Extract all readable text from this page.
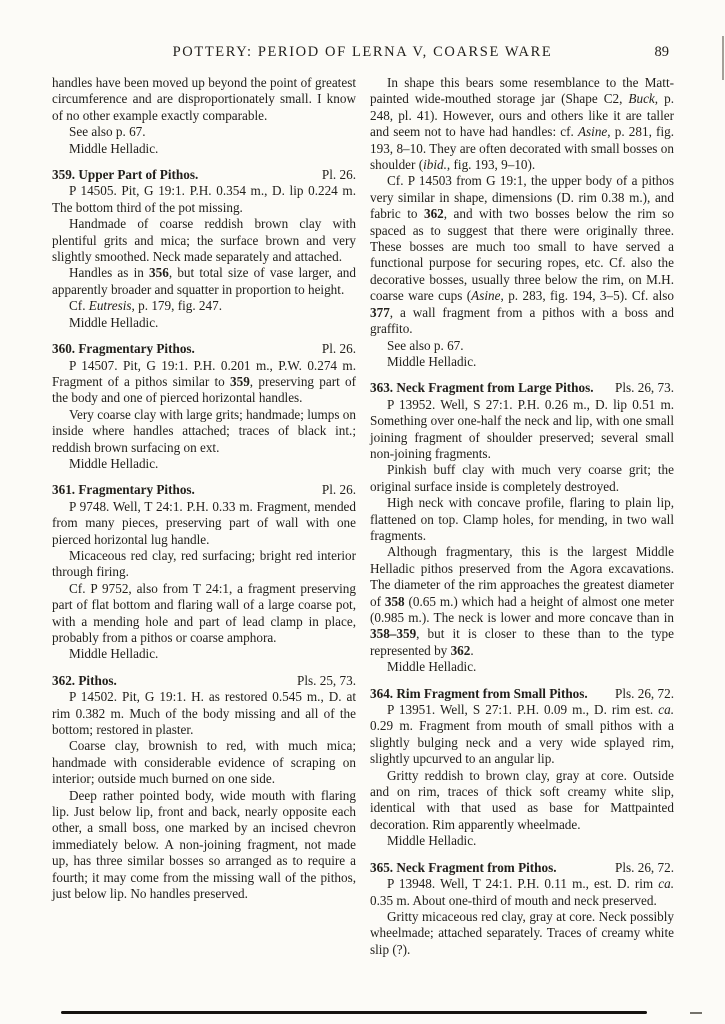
POTTERY: PERIOD OF LERNA V, COARSE WARE	89

handles have been moved up beyond the point of greatest circumference and are disproportionately small. I know of no other example exactly comparable.

See also p. 67.

Middle Helladic.

359. Upper Part of Pithos.	Pl. 26.

P 14505. Pit, G 19:1. P.H. 0.354 m., D. lip 0.224 m. The bottom third of the pot missing.

Handmade of coarse reddish brown clay with plentiful grits and mica; the surface brown and very slightly smoothed. Neck made separately and attached.

Handles as in 356, but total size of vase larger, and apparently broader and squatter in proportion to height.

Cf. Eutresis, p. 179, fig. 247.

Middle Helladic.

360. Fragmentary Pithos.	Pl. 26.

P 14507. Pit, G 19:1. P.H. 0.201 m., P.W. 0.274 m. Fragment of a pithos similar to 359, preserving part of the body and one of pierced horizontal handles.

Very coarse clay with large grits; handmade; lumps on inside where handles attached; traces of black int.; reddish brown surfacing on ext.

Middle Helladic.

361. Fragmentary Pithos.	Pl. 26.

P 9748. Well, T 24:1. P.H. 0.33 m. Fragment, mended from many pieces, preserving part of wall with one pierced horizontal lug handle.

Micaceous red clay, red surfacing; bright red interior through firing.

Cf. P 9752, also from T 24:1, a fragment preserving part of flat bottom and flaring wall of a large coarse pot, with a mending hole and part of lead clamp in place, probably from a pithos or coarse amphora.

Middle Helladic.

362. Pithos.	Pls. 25, 73.

P 14502. Pit, G 19:1. H. as restored 0.545 m., D. at rim 0.382 m. Much of the body missing and all of the bottom; restored in plaster.

Coarse clay, brownish to red, with much mica; handmade with considerable evidence of scraping on interior; outside much burned on one side.

Deep rather pointed body, wide mouth with flaring lip. Just below lip, front and back, nearly opposite each other, a small boss, one marked by an incised chevron immediately below. A non-joining fragment, not made up, has three similar bosses so arranged as to require a fourth; it may come from the missing wall of the pithos, just below lip. No handles preserved.

In shape this bears some resemblance to the Matt-painted wide-mouthed storage jar (Shape C2, Buck, p. 248, pl. 41). However, ours and others like it are taller and seem not to have had handles: cf. Asine, p. 281, fig. 193, 8–10. They are often decorated with small bosses on shoulder (ibid., fig. 193, 9–10).

Cf. P 14503 from G 19:1, the upper body of a pithos very similar in shape, dimensions (D. rim 0.38 m.), and fabric to 362, and with two bosses below the rim so spaced as to suggest that there were originally three. These bosses are much too small to have served a functional purpose for securing ropes, etc. Cf. also the decorative bosses, usually three below the rim, on M.H. coarse ware cups (Asine, p. 283, fig. 194, 3–5). Cf. also 377, a wall fragment from a pithos with a boss and graffito.

See also p. 67.

Middle Helladic.

363. Neck Fragment from Large Pithos.	Pls. 26, 73.

P 13952. Well, S 27:1. P.H. 0.26 m., D. lip 0.51 m. Something over one-half the neck and lip, with one small joining fragment of shoulder preserved; several small non-joining fragments.

Pinkish buff clay with much very coarse grit; the original surface inside is completely destroyed.

High neck with concave profile, flaring to plain lip, flattened on top. Clamp holes, for mending, in two wall fragments.

Although fragmentary, this is the largest Middle Helladic pithos preserved from the Agora excavations. The diameter of the rim approaches the greatest diameter of 358 (0.65 m.) which had a height of almost one meter (0.985 m.). The neck is lower and more concave than in 358–359, but it is closer to these than to the type represented by 362.

Middle Helladic.

364. Rim Fragment from Small Pithos.	Pls. 26, 72.

P 13951. Well, S 27:1. P.H. 0.09 m., D. rim est. ca. 0.29 m. Fragment from mouth of small pithos with a slightly bulging neck and a very wide splayed rim, slightly upcurved to an angular lip.

Gritty reddish to brown clay, gray at core. Outside and on rim, traces of thick soft creamy white slip, identical with that used as base for Mattpainted decoration. Rim apparently wheelmade.

Middle Helladic.

365. Neck Fragment from Pithos.	Pls. 26, 72.

P 13948. Well, T 24:1. P.H. 0.11 m., est. D. rim ca. 0.35 m. About one-third of mouth and neck preserved.

Gritty micaceous red clay, gray at core. Neck possibly wheelmade; attached separately. Traces of creamy white slip (?).
